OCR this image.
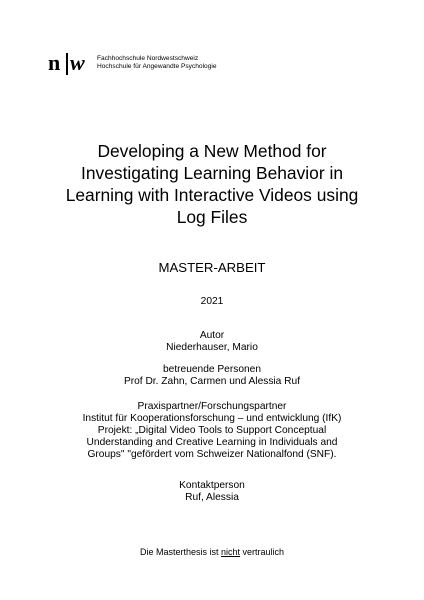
n w Fachhochschule Nordwestschweiz
Hochschule für Angewandte Psychologie
Developing a New Method for
Investigating Learning Behavior in
Learning with Interactive Videos using
Log Files
MASTER-ARBEIT
2021
Autor
Niederhauser, Mario
betreuende Personen
Prof Dr. Zahn, Carmen und Alessia Ruf
Praxispartner/Forschungspartner
Institut für Kooperationsforschung – und entwicklung (IfK)
Projekt: „Digital Video Tools to Support Conceptual
Understanding and Creative Learning in Individuals and
Groups" "gefördert vom Schweizer Nationalfond (SNF).
Kontaktperson
Ruf, Alessia
Die Masterthesis ist nicht vertraulich
